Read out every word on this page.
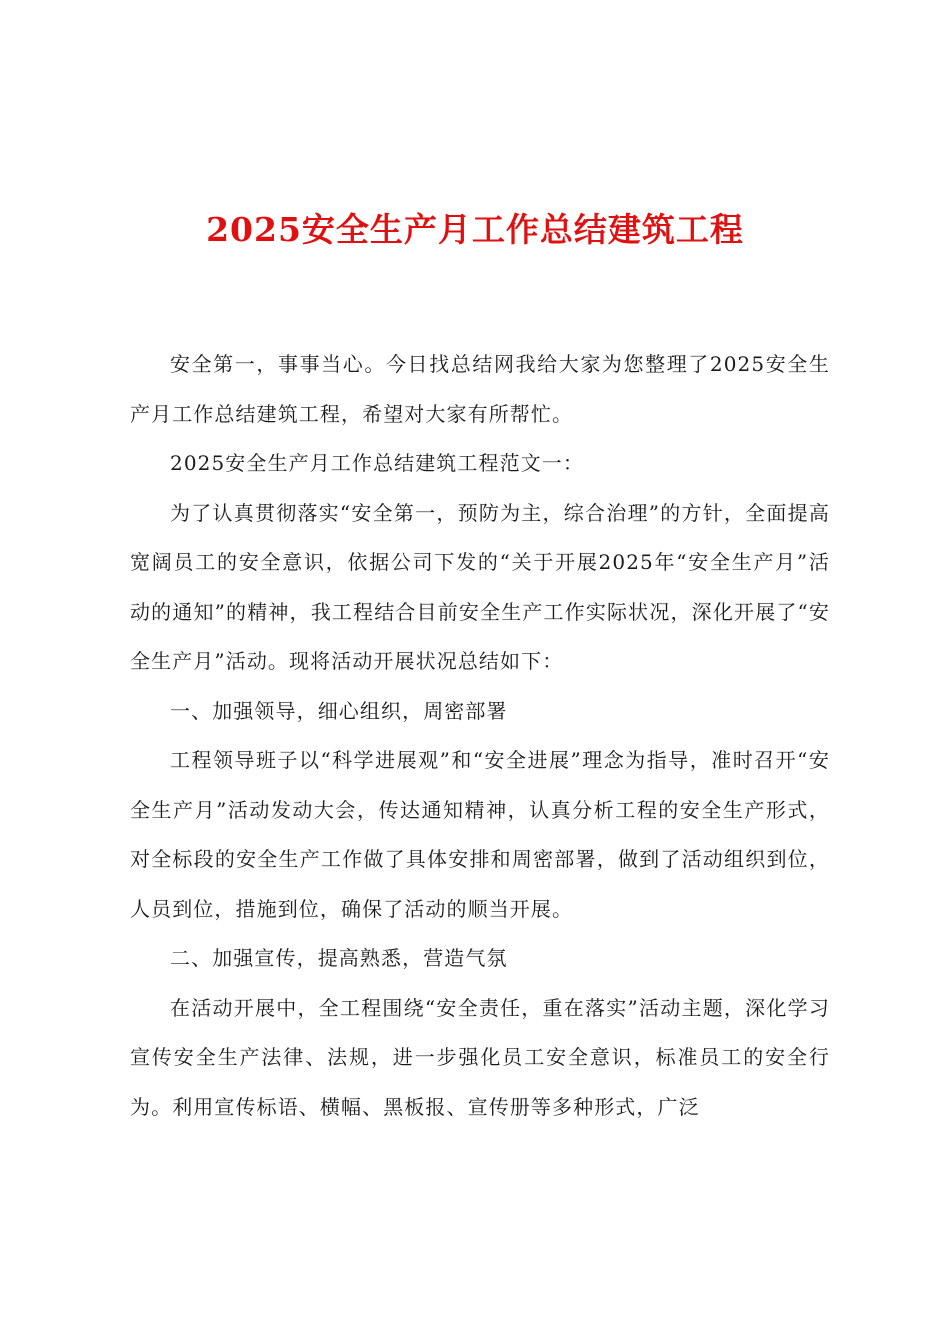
2025安全生产月工作总结建筑工程

安全第一，事事当心。今日找总结网我给大家为您整理了2025安全生产月工作总结建筑工程，希望对大家有所帮忙。

2025安全生产月工作总结建筑工程范文一：

为了认真贯彻落实“安全第一，预防为主，综合治理”的方针，全面提高宽阔员工的安全意识，依据公司下发的“关于开展2025年“安全生产月”活动的通知”的精神，我工程结合目前安全生产工作实际状况，深化开展了“安全生产月”活动。现将活动开展状况总结如下：

一、加强领导，细心组织，周密部署

工程领导班子以“科学进展观”和“安全进展”理念为指导，准时召开“安全生产月”活动发动大会，传达通知精神，认真分析工程的安全生产形式，对全标段的安全生产工作做了具体安排和周密部署，做到了活动组织到位，人员到位，措施到位，确保了活动的顺当开展。

二、加强宣传，提高熟悉，营造气氛

在活动开展中，全工程围绕“安全责任，重在落实”活动主题，深化学习宣传安全生产法律、法规，进一步强化员工安全意识，标准员工的安全行为。利用宣传标语、横幅、黑板报、宣传册等多种形式，广泛
